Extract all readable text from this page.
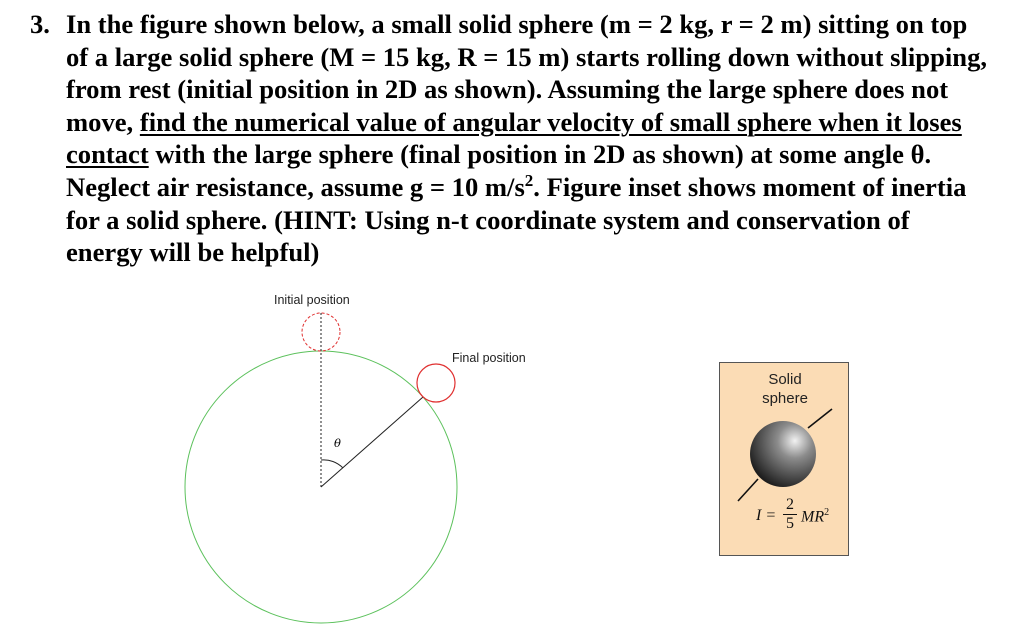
3. In the figure shown below, a small solid sphere (m = 2 kg, r = 2 m) sitting on top of a large solid sphere (M = 15 kg, R = 15 m) starts rolling down without slipping, from rest (initial position in 2D as shown). Assuming the large sphere does not move, find the numerical value of angular velocity of small sphere when it loses contact with the large sphere (final position in 2D as shown) at some angle θ. Neglect air resistance, assume g = 10 $m/s^2$. Figure inset shows moment of inertia for a solid sphere. (HINT: Using n-t coordinate system and conservation of energy will be helpful)
θ
Initial position
Final position
Solid
sphere
I =
2
5 $MR^2$
